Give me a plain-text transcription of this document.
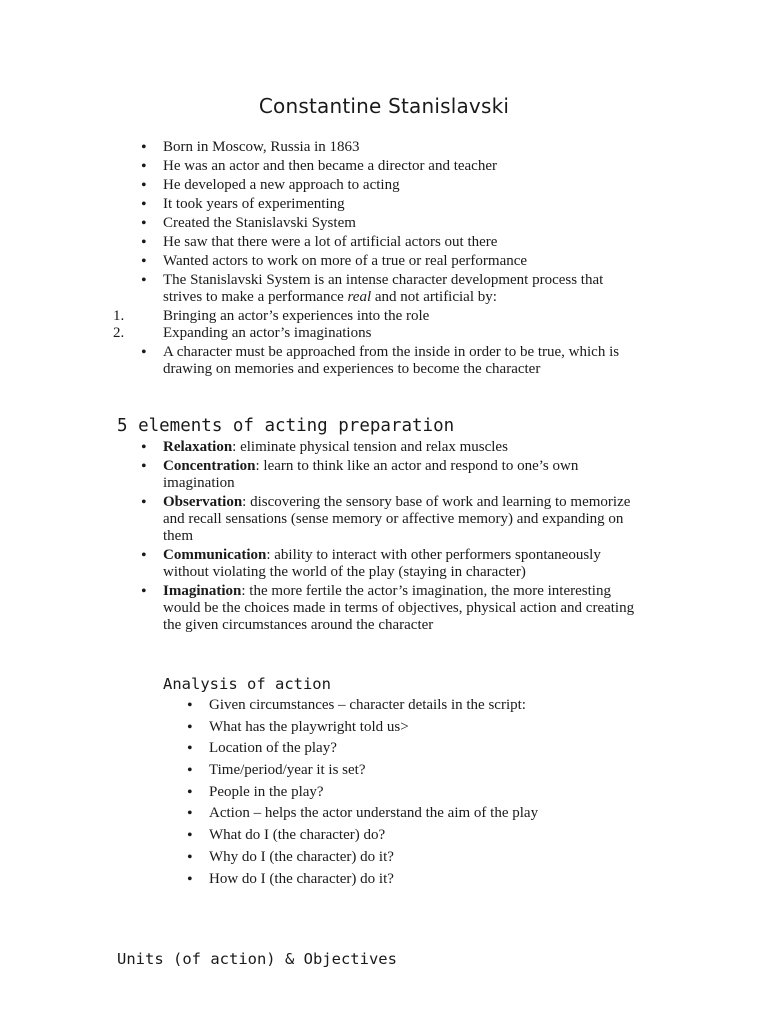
Constantine Stanislavski
• Born in Moscow, Russia in 1863
• He was an actor and then became a director and teacher
• He developed a new approach to acting
• It took years of experimenting
• Created the Stanislavski System
• He saw that there were a lot of artificial actors out there
• Wanted actors to work on more of a true or real performance
• The Stanislavski System is an intense character development process that strives to make a performance real and not artificial by:
1.	Bringing an actor’s experiences into the role
2.	Expanding an actor’s imaginations
• A character must be approached from the inside in order to be true, which is drawing on memories and experiences to become the character
5 elements of acting preparation
• Relaxation: eliminate physical tension and relax muscles
• Concentration: learn to think like an actor and respond to one’s own imagination
• Observation: discovering the sensory base of work and learning to memorize and recall sensations (sense memory or affective memory) and expanding on them
• Communication: ability to interact with other performers spontaneously without violating the world of the play (staying in character)
• Imagination: the more fertile the actor’s imagination, the more interesting would be the choices made in terms of objectives, physical action and creating the given circumstances around the character
Analysis of action
• Given circumstances – character details in the script:
• What has the playwright told us>
• Location of the play?
• Time/period/year it is set?
• People in the play?
• Action – helps the actor understand the aim of the play
• What do I (the character) do?
• Why do I (the character) do it?
• How do I (the character) do it?
Units (of action) & Objectives
